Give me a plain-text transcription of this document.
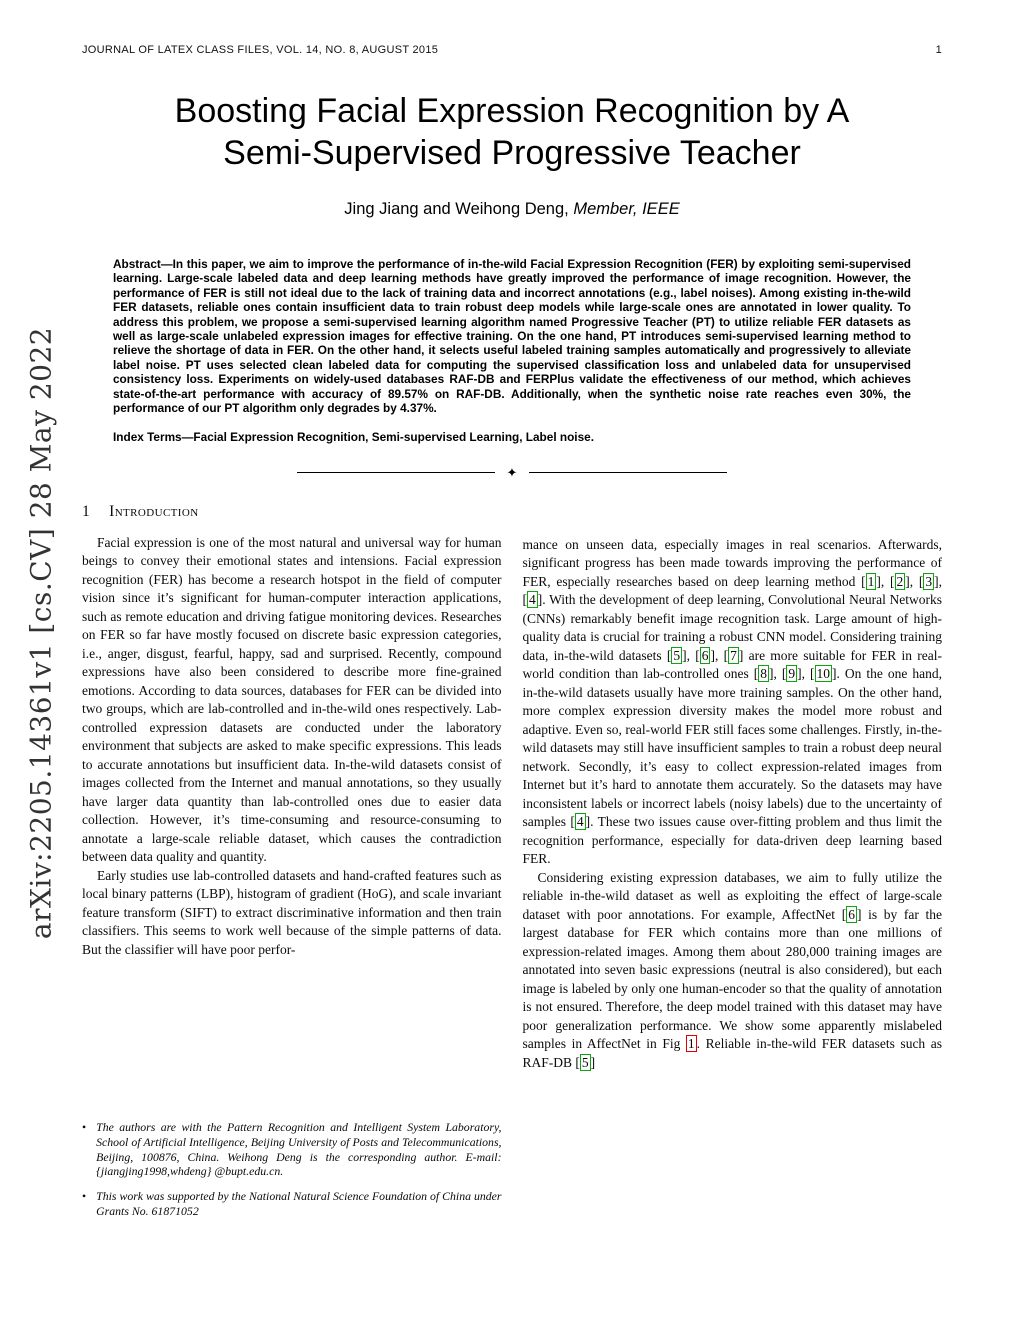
arXiv:2205.14361v1 [cs.CV] 28 May 2022
JOURNAL OF LATEX CLASS FILES, VOL. 14, NO. 8, AUGUST 2015	1
Boosting Facial Expression Recognition by A
Semi-Supervised Progressive Teacher
Jing Jiang and Weihong Deng, Member, IEEE

Abstract—In this paper, we aim to improve the performance of in-the-wild Facial Expression Recognition (FER) by exploiting semi-supervised learning. Large-scale labeled data and deep learning methods have greatly improved the performance of image recognition. However, the performance of FER is still not ideal due to the lack of training data and incorrect annotations (e.g., label noises). Among existing in-the-wild FER datasets, reliable ones contain insufficient data to train robust deep models while large-scale ones are annotated in lower quality. To address this problem, we propose a semi-supervised learning algorithm named Progressive Teacher (PT) to utilize reliable FER datasets as well as large-scale unlabeled expression images for effective training. On the one hand, PT introduces semi-supervised learning method to relieve the shortage of data in FER. On the other hand, it selects useful labeled training samples automatically and progressively to alleviate label noise. PT uses selected clean labeled data for computing the supervised classification loss and unlabeled data for unsupervised consistency loss. Experiments on widely-used databases RAF-DB and FERPlus validate the effectiveness of our method, which achieves state-of-the-art performance with accuracy of 89.57% on RAF-DB. Additionally, when the synthetic noise rate reaches even 30%, the performance of our PT algorithm only degrades by 4.37%.

Index Terms—Facial Expression Recognition, Semi-supervised Learning, Label noise.

✦
1 Introduction

Facial expression is one of the most natural and universal way for human beings to convey their emotional states and intensions. Facial expression recognition (FER) has become a research hotspot in the field of computer vision since it’s significant for human-computer interaction applications, such as remote education and driving fatigue monitoring devices. Researches on FER so far have mostly focused on discrete basic expression categories, i.e., anger, disgust, fearful, happy, sad and surprised. Recently, compound expressions have also been considered to describe more fine-grained emotions. According to data sources, databases for FER can be divided into two groups, which are lab-controlled and in-the-wild ones respectively. Lab-controlled expression datasets are conducted under the laboratory environment that subjects are asked to make specific expressions. This leads to accurate annotations but insufficient data. In-the-wild datasets consist of images collected from the Internet and manual annotations, so they usually have larger data quantity than lab-controlled ones due to easier data collection. However, it’s time-consuming and resource-consuming to annotate a large-scale reliable dataset, which causes the contradiction between data quality and quantity.

Early studies use lab-controlled datasets and hand-crafted features such as local binary patterns (LBP), histogram of gradient (HoG), and scale invariant feature transform (SIFT) to extract discriminative information and then train classifiers. This seems to work well because of the simple patterns of data. But the classifier will have poor perfor-

• The authors are with the Pattern Recognition and Intelligent System Laboratory, School of Artificial Intelligence, Beijing University of Posts and Telecommunications, Beijing, 100876, China. Weihong Deng is the corresponding author. E-mail:{jiangjing1998,whdeng} @bupt.edu.cn.
• This work was supported by the National Natural Science Foundation of China under Grants No. 61871052

mance on unseen data, especially images in real scenarios. Afterwards, significant progress has been made towards improving the performance of FER, especially researches based on deep learning method [ 1 ], [ 2 ], [ 3 ], [ 4 ]. With the development of deep learning, Convolutional Neural Networks (CNNs) remarkably benefit image recognition task. Large amount of high-quality data is crucial for training a robust CNN model. Considering training data, in-the-wild datasets [ 5 ], [ 6 ], [ 7 ] are more suitable for FER in real-world condition than lab-controlled ones [ 8 ], [ 9 ], [ 10 ]. On the one hand, in-the-wild datasets usually have more training samples. On the other hand, more complex expression diversity makes the model more robust and adaptive. Even so, real-world FER still faces some challenges. Firstly, in-the-wild datasets may still have insufficient samples to train a robust deep neural network. Secondly, it’s easy to collect expression-related images from Internet but it’s hard to annotate them accurately. So the datasets may have inconsistent labels or incorrect labels (noisy labels) due to the uncertainty of samples [ 4 ]. These two issues cause over-fitting problem and thus limit the recognition performance, especially for data-driven deep learning based FER.

Considering existing expression databases, we aim to fully utilize the reliable in-the-wild dataset as well as exploiting the effect of large-scale dataset with poor annotations. For example, AffectNet [ 6 ] is by far the largest database for FER which contains more than one millions of expression-related images. Among them about 280,000 training images are annotated into seven basic expressions (neutral is also considered), but each image is labeled by only one human-encoder so that the quality of annotation is not ensured. Therefore, the deep model trained with this dataset may have poor generalization performance. We show some apparently mislabeled samples in AffectNet in Fig 1 . Reliable in-the-wild FER datasets such as RAF-DB [ 5 ]
